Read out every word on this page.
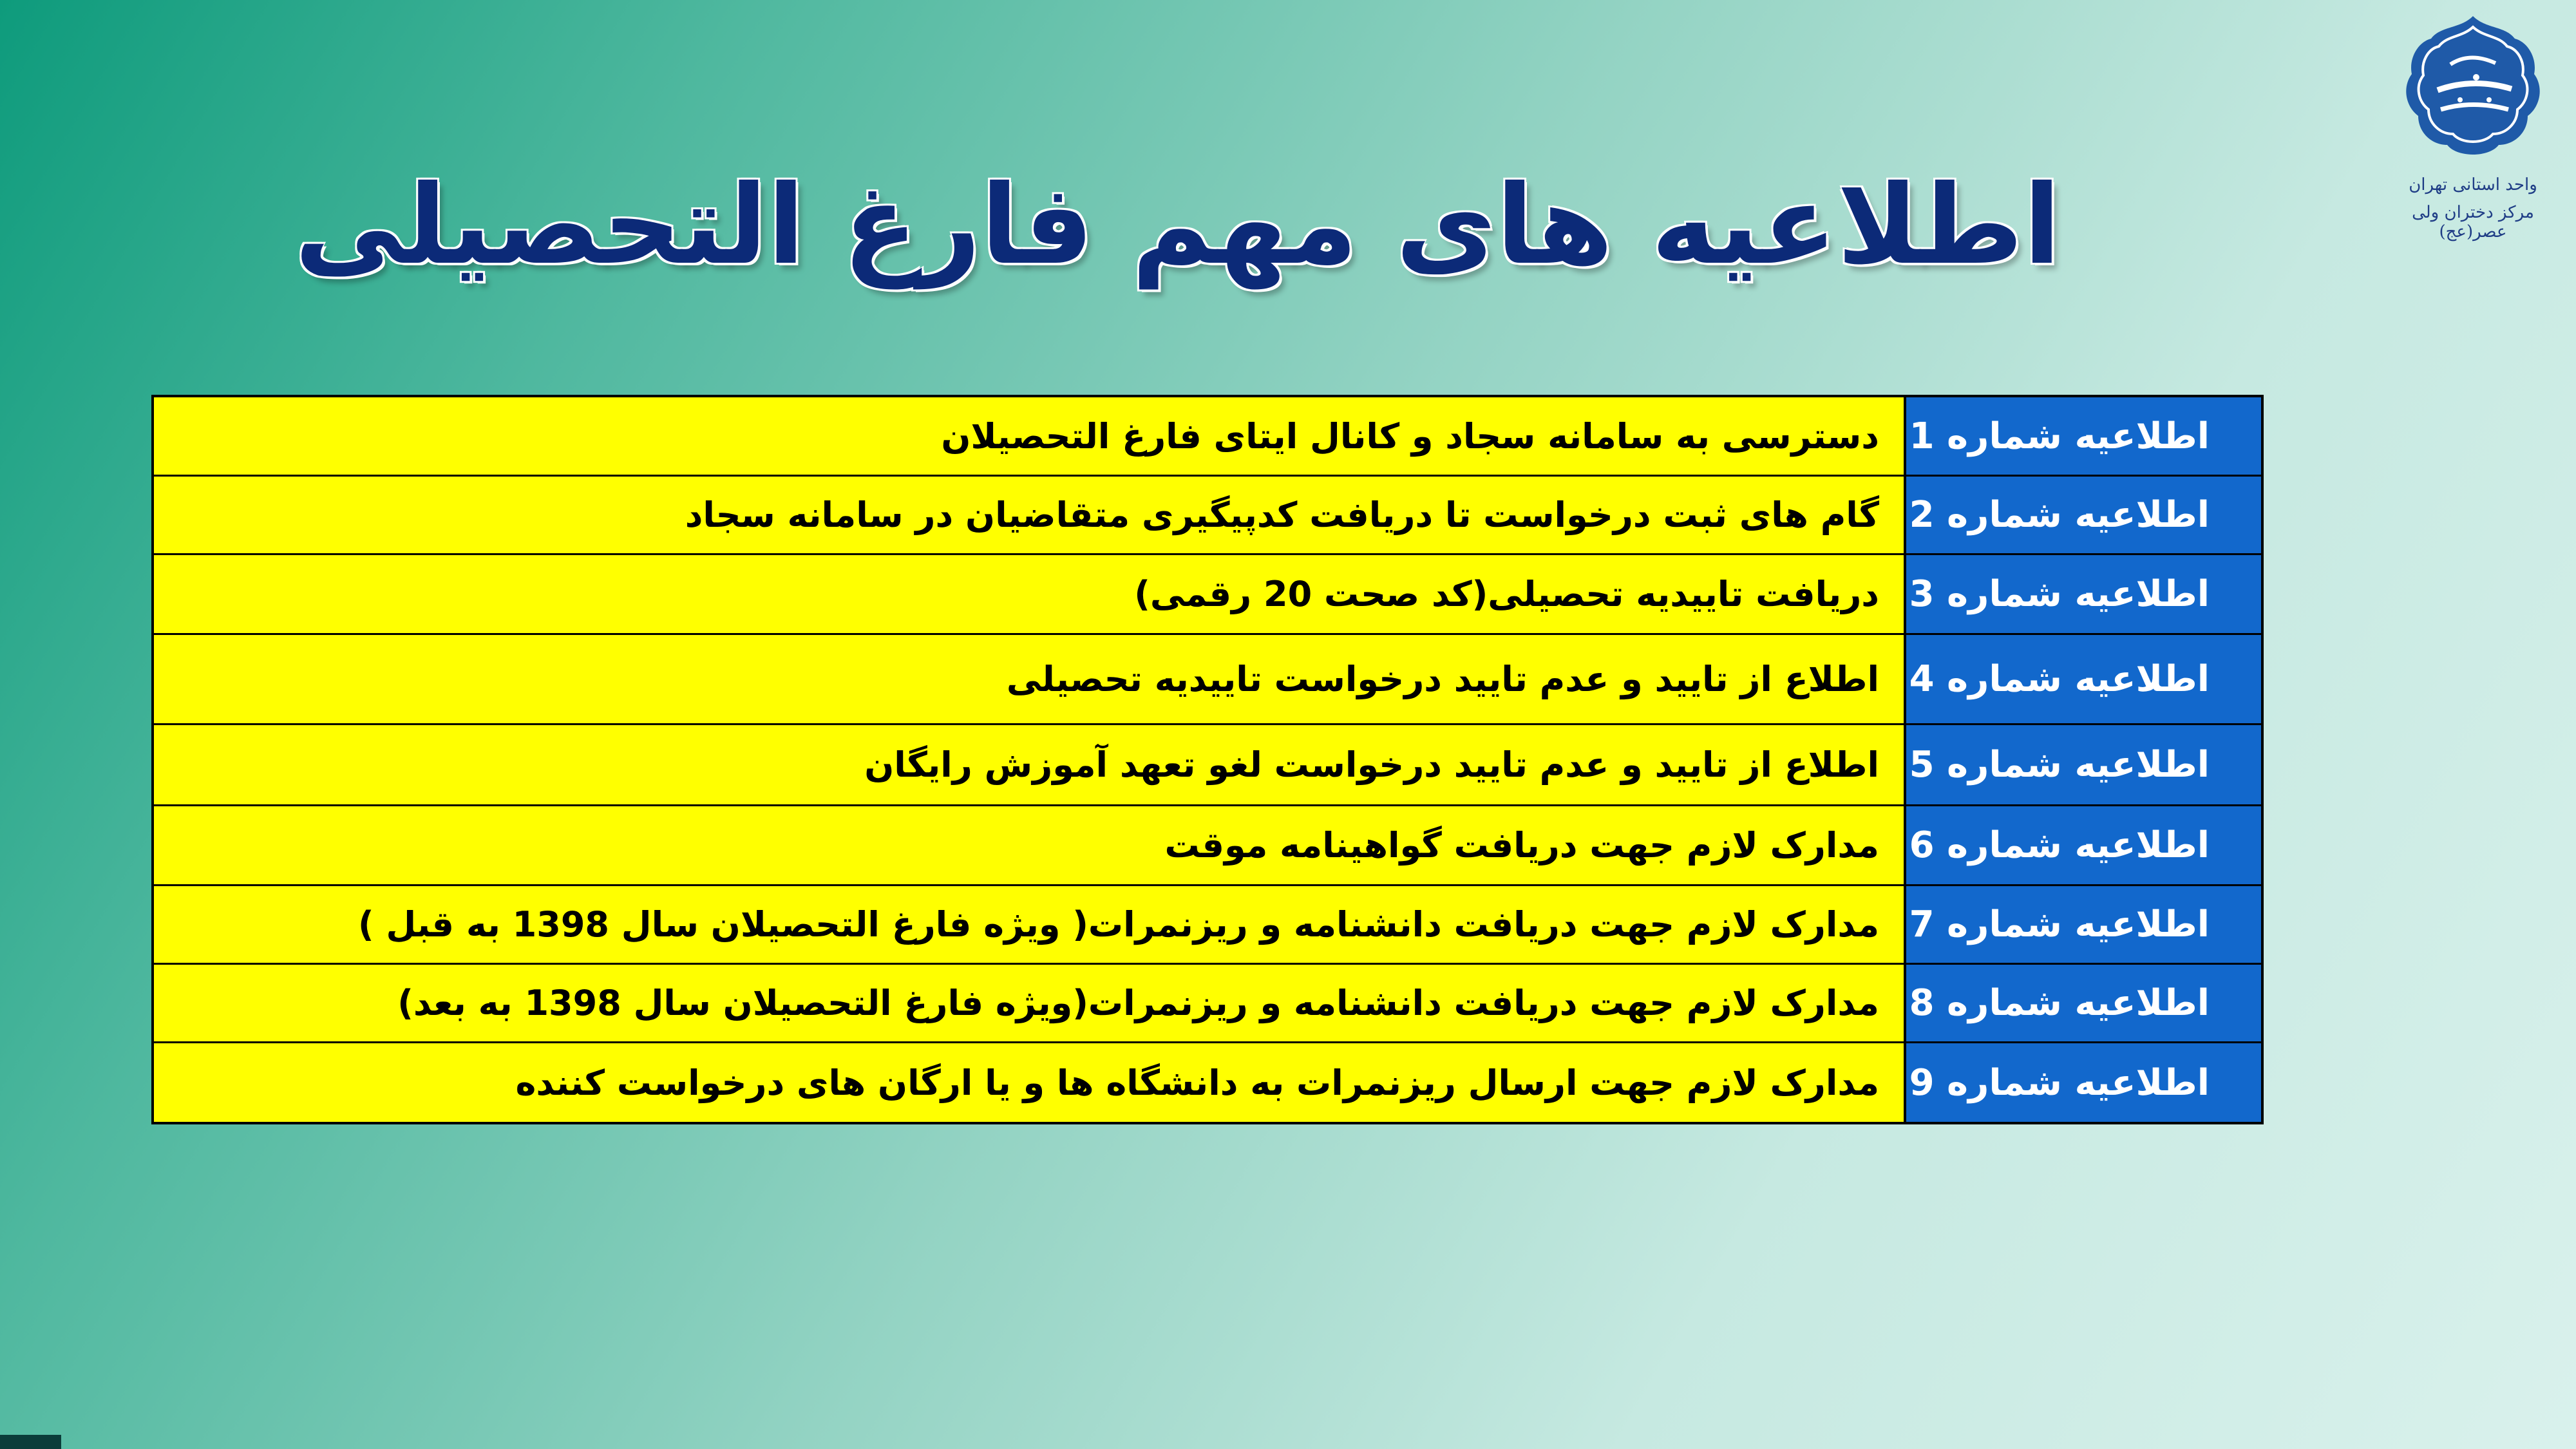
اطلاعیه های مهم فارغ التحصیلی	واحد استانی تهران
مرکز دختران ولی عصر(عج)
اطلاعیه شماره 1
دسترسی به سامانه سجاد و کانال ایتای فارغ التحصیلان
اطلاعیه شماره 2
گام های ثبت درخواست تا دریافت کدپیگیری متقاضیان در سامانه سجاد
اطلاعیه شماره 3
دریافت تاییدیه تحصیلی(کد صحت 20 رقمی)
اطلاعیه شماره 4
اطلاع از تایید و عدم تایید درخواست تاییدیه تحصیلی
اطلاعیه شماره 5
اطلاع از تایید و عدم تایید درخواست لغو تعهد آموزش رایگان
اطلاعیه شماره 6
مدارک لازم جهت دریافت گواهینامه موقت
اطلاعیه شماره 7
مدارک لازم جهت دریافت دانشنامه و ریزنمرات( ویژه فارغ التحصیلان سال 1398 به قبل )
اطلاعیه شماره 8
مدارک لازم جهت دریافت دانشنامه و ریزنمرات(ویژه فارغ التحصیلان سال 1398 به بعد)
اطلاعیه شماره 9
مدارک لازم جهت ارسال ریزنمرات به دانشگاه ها و یا ارگان های درخواست کننده
